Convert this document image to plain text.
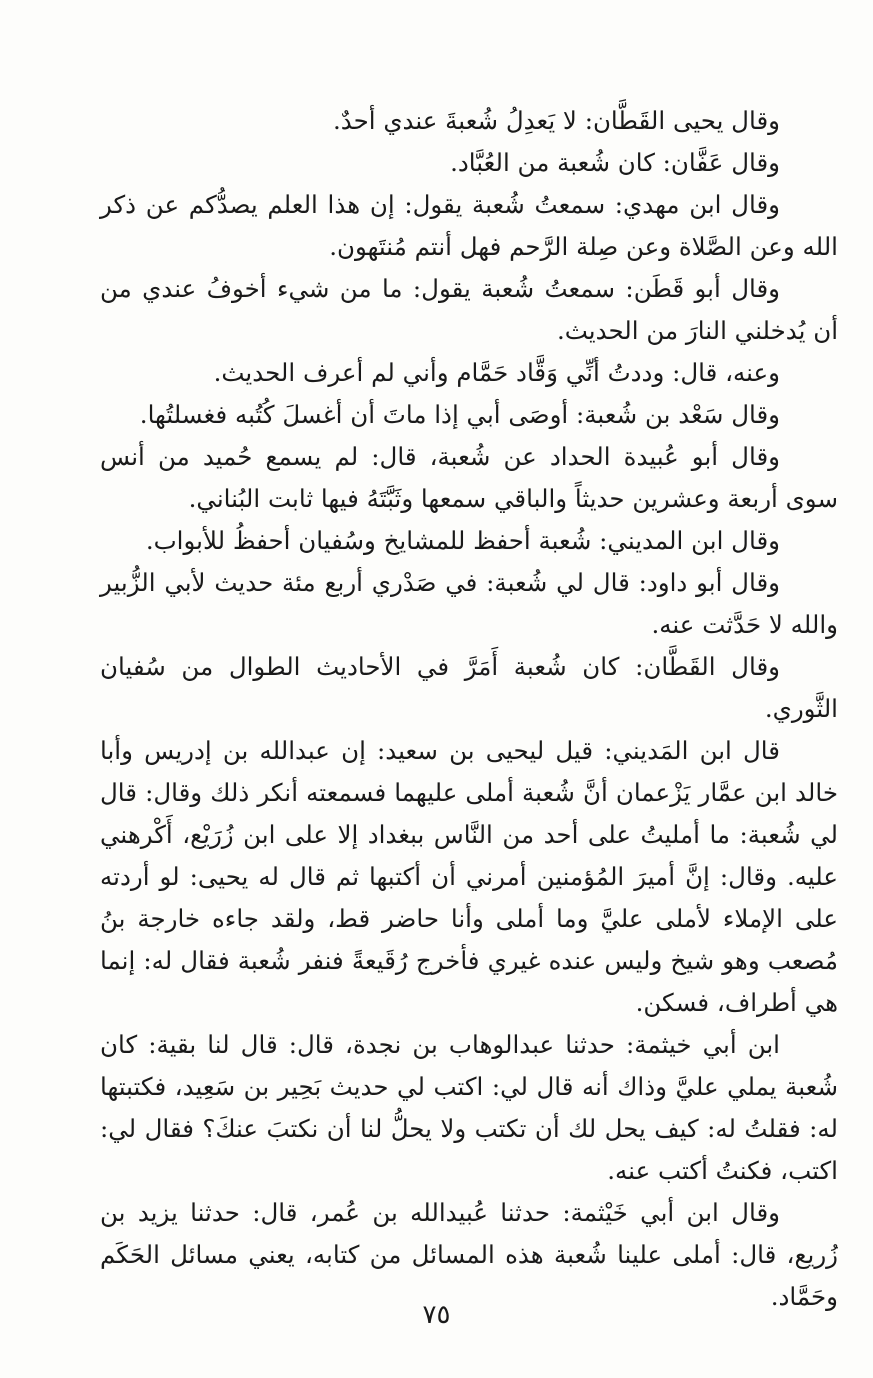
وقال يحيى القَطَّان: لا يَعدِلُ شُعبةَ عندي أحدٌ.

وقال عَفَّان: كان شُعبة من العُبَّاد.

وقال ابن مهدي: سمعتُ شُعبة يقول: إن هذا العلم يصدُّكم عن ذكر الله وعن الصَّلاة وعن صِلة الرَّحم فهل أنتم مُنتَهون.

وقال أبو قَطَن: سمعتُ شُعبة يقول: ما من شيء أخوفُ عندي من أن يُدخلني النارَ من الحديث.

وعنه، قال: وددتُ أنِّي وَقَّاد حَمَّام وأني لم أعرف الحديث.

وقال سَعْد بن شُعبة: أوصَى أبي إذا ماتَ أن أغسلَ كُتُبه فغسلتُها.

وقال أبو عُبيدة الحداد عن شُعبة، قال: لم يسمع حُميد من أنس سوى أربعة وعشرين حديثاً والباقي سمعها وثَبَّتَهُ فيها ثابت البُناني.

وقال ابن المديني: شُعبة أحفظ للمشايخ وسُفيان أحفظُ للأبواب.

وقال أبو داود: قال لي شُعبة: في صَدْري أربع مئة حديث لأبي الزُّبير والله لا حَدَّثت عنه.

وقال القَطَّان: كان شُعبة أَمَرَّ في الأحاديث الطوال من سُفيان الثَّوري.

قال ابن المَديني: قيل ليحيى بن سعيد: إن عبدالله بن إدريس وأبا خالد ابن عمَّار يَزْعمان أنَّ شُعبة أملى عليهما فسمعته أنكر ذلك وقال: قال لي شُعبة: ما أمليتُ على أحد من النَّاس ببغداد إلا على ابن زُرَيْع، أَكْرهني عليه. وقال: إنَّ أميرَ المُؤمنين أمرني أن أكتبها ثم قال له يحيى: لو أردته على الإملاء لأملى عليَّ وما أملى وأنا حاضر قط، ولقد جاءه خارجة بنُ مُصعب وهو شيخ وليس عنده غيري فأخرج رُقَيعةً فنفر شُعبة فقال له: إنما هي أطراف، فسكن.

ابن أبي خيثمة: حدثنا عبدالوهاب بن نجدة، قال: قال لنا بقية: كان شُعبة يملي عليَّ وذاك أنه قال لي: اكتب لي حديث بَحِير بن سَعِيد، فكتبتها له: فقلتُ له: كيف يحل لك أن تكتب ولا يحلُّ لنا أن نكتبَ عنكَ؟ فقال لي: اكتب، فكنتُ أكتب عنه.

وقال ابن أبي خَيْثمة: حدثنا عُبيدالله بن عُمر، قال: حدثنا يزيد بن زُريع، قال: أملى علينا شُعبة هذه المسائل من كتابه، يعني مسائل الحَكَم وحَمَّاد.

٧٥
